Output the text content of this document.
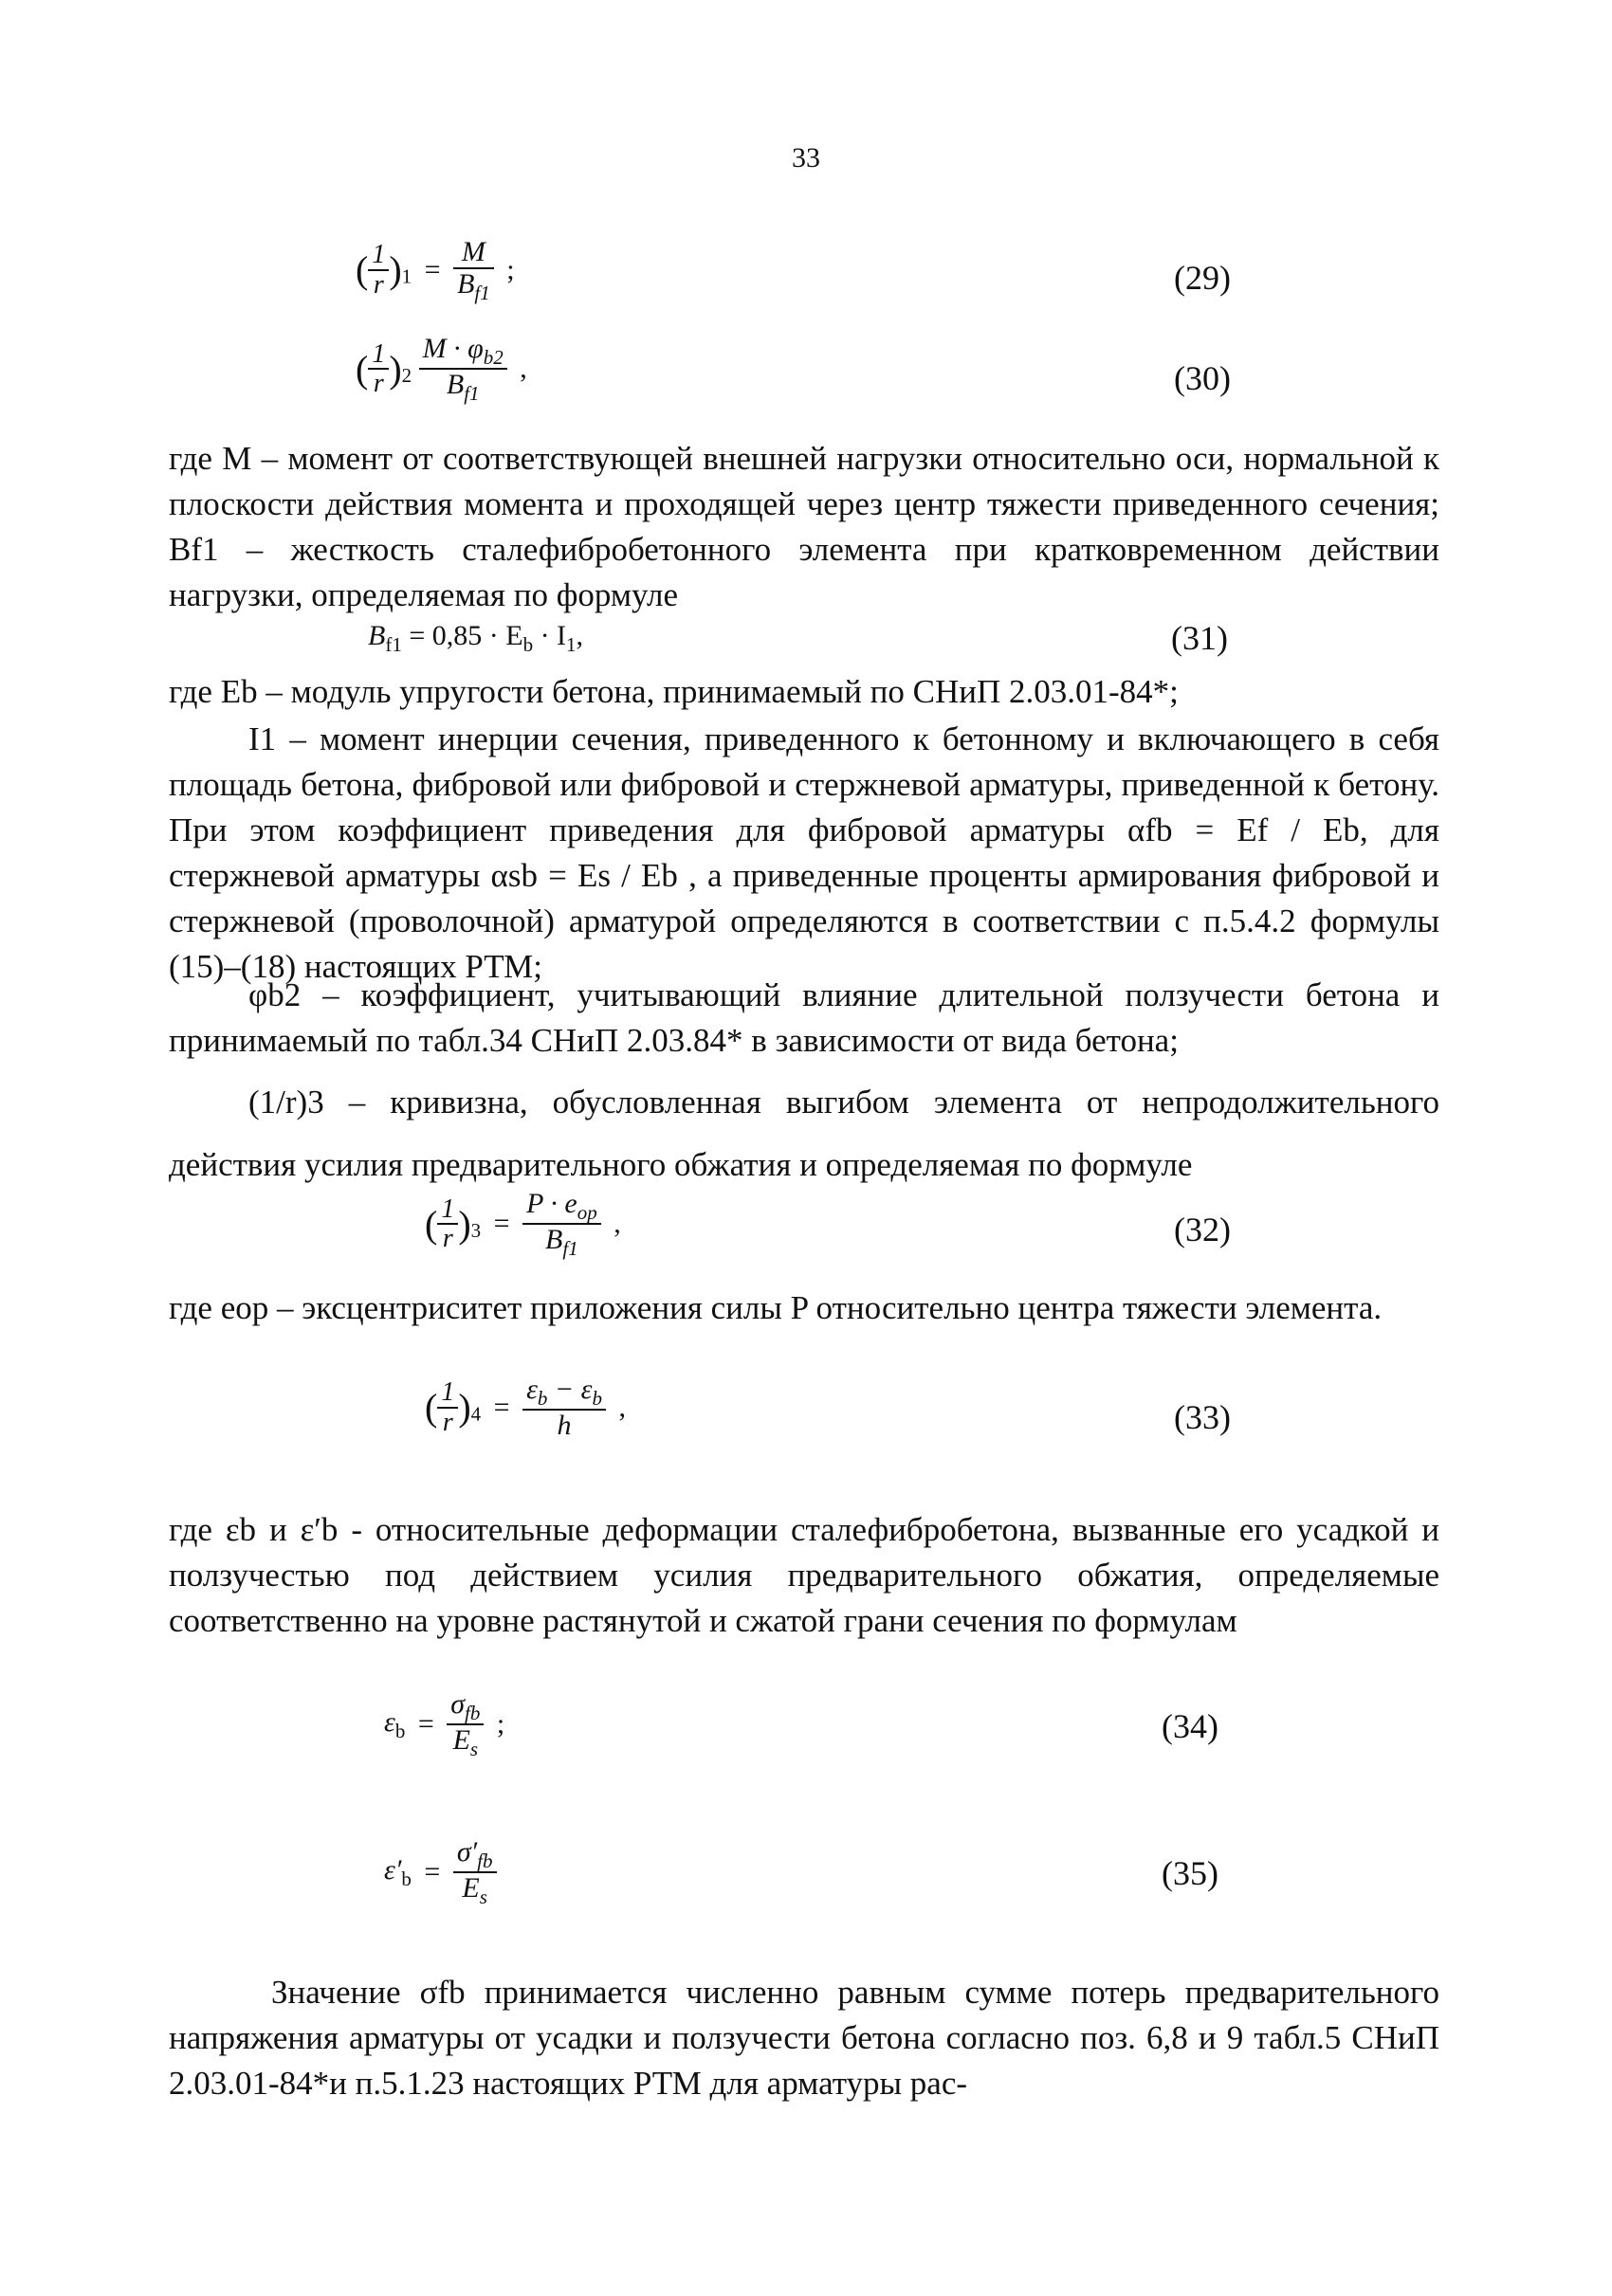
33
( $\frac{1}{r} )_1 = \frac{M}{B_{f1}}$ ;	(29)
( $\frac{1}{r} )_2 \frac{M \cdot \varphi_{b2}}{B_{f1}}$ ,	(30)

где M – момент от соответствующей внешней нагрузки относительно оси, нормальной к плоскости действия момента и проходящей через центр тяжести приведенного сечения; Bf1 – жесткость сталефибробетонного элемента при кратковременном действии нагрузки, определяемая по формуле

$B_{f1} = 0,85 \cdot E_b \cdot I_1$,	(31)

где Eb – модуль упругости бетона, принимаемый по СНиП 2.03.01-84*;

I1 – момент инерции сечения, приведенного к бетонному и включающего в себя площадь бетона, фибровой или фибровой и стержневой арматуры, приведенной к бетону. При этом коэффициент приведения для фибровой арматуры αfb = Ef / Eb, для стержневой арматуры αsb = Es / Eb , а приведенные проценты армирования фибровой и стержневой (проволочной) арматурой определяются в соответствии с п.5.4.2 формулы (15)–(18) настоящих РТМ;

φb2 – коэффициент, учитывающий влияние длительной ползучести бетона и принимаемый по табл.34 СНиП 2.03.84* в зависимости от вида бетона;

(1/r)3 – кривизна, обусловленная выгибом элемента от непродолжительного действия усилия предварительного обжатия и определяемая по формуле

( $\frac{1}{r} )_3 = \frac{P \cdot e_{op}}{B_{f1}}$ ,	(32)

где eop – эксцентриситет приложения силы P относительно центра тяжести элемента.

( $\frac{1}{r} )_4 = \frac{\varepsilon_b - \varepsilon_b}{h}$ ,	(33)

где εb и ε′b - относительные деформации сталефибробетона, вызванные его усадкой и ползучестью под действием усилия предварительного обжатия, определяемые соответственно на уровне растянутой и сжатой грани сечения по формулам

$\varepsilon_b = \frac{\sigma_{fb}}{E_s}$ ;	(34)
$\varepsilon'_b = \frac{\sigma'_{fb}}{E_s}$
	(35)

Значение σfb принимается численно равным сумме потерь предварительного напряжения арматуры от усадки и ползучести бетона согласно поз. 6,8 и 9 табл.5 СНиП 2.03.01-84*и п.5.1.23 настоящих РТМ для арматуры рас-
